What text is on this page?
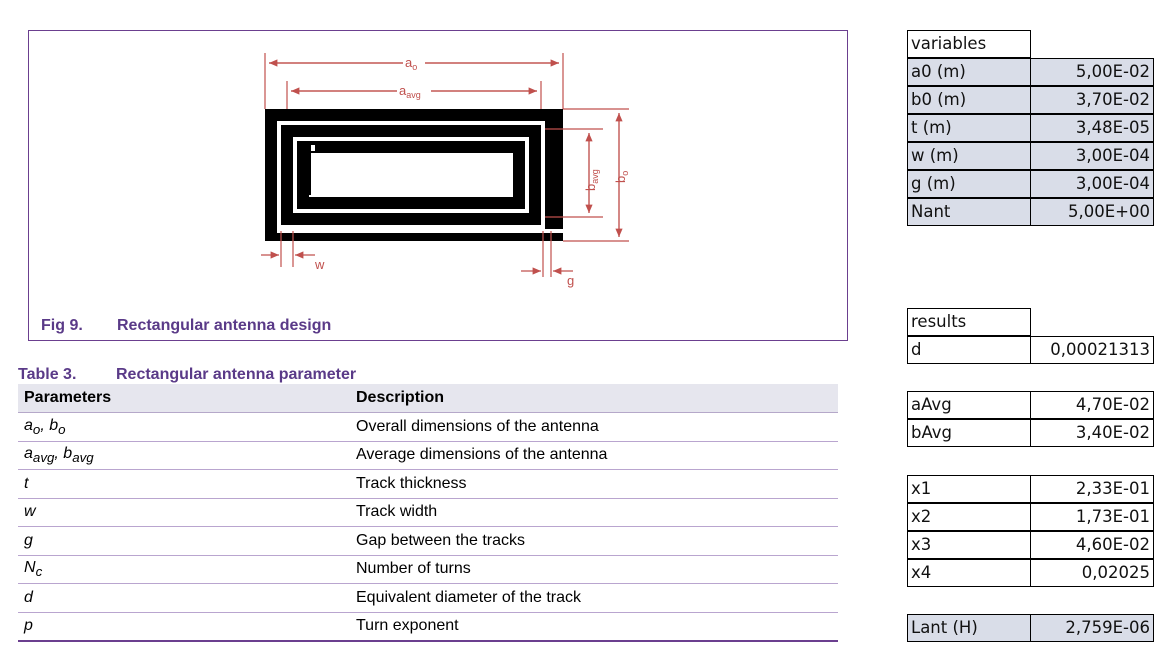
$a_o$
$a_{avg}$
$b_{avg}$ $b_o$
w
g
Fig 9. Rectangular antenna design
Table 3. Rectangular antenna parameter
Parameters	Description
$a_o$, $b_o$	Overall dimensions of the antenna
$a_{avg}$, $b_{avg}$	Average dimensions of the antenna
t	Track thickness
w	Track width
g	Gap between the tracks
$N_c$	Number of turns
d	Equivalent diameter of the track
p	Turn exponent
variables
a0 (m)	5,00E-02
b0 (m)	3,70E-02
t (m)	3,48E-05
w (m)	3,00E-04
g (m)	3,00E-04
Nant	5,00E+00
results
d	0,00021313
aAvg	4,70E-02
bAvg	3,40E-02
x1	2,33E-01
x2	1,73E-01
x3	4,60E-02
x4	0,02025
Lant (H)	2,759E-06
